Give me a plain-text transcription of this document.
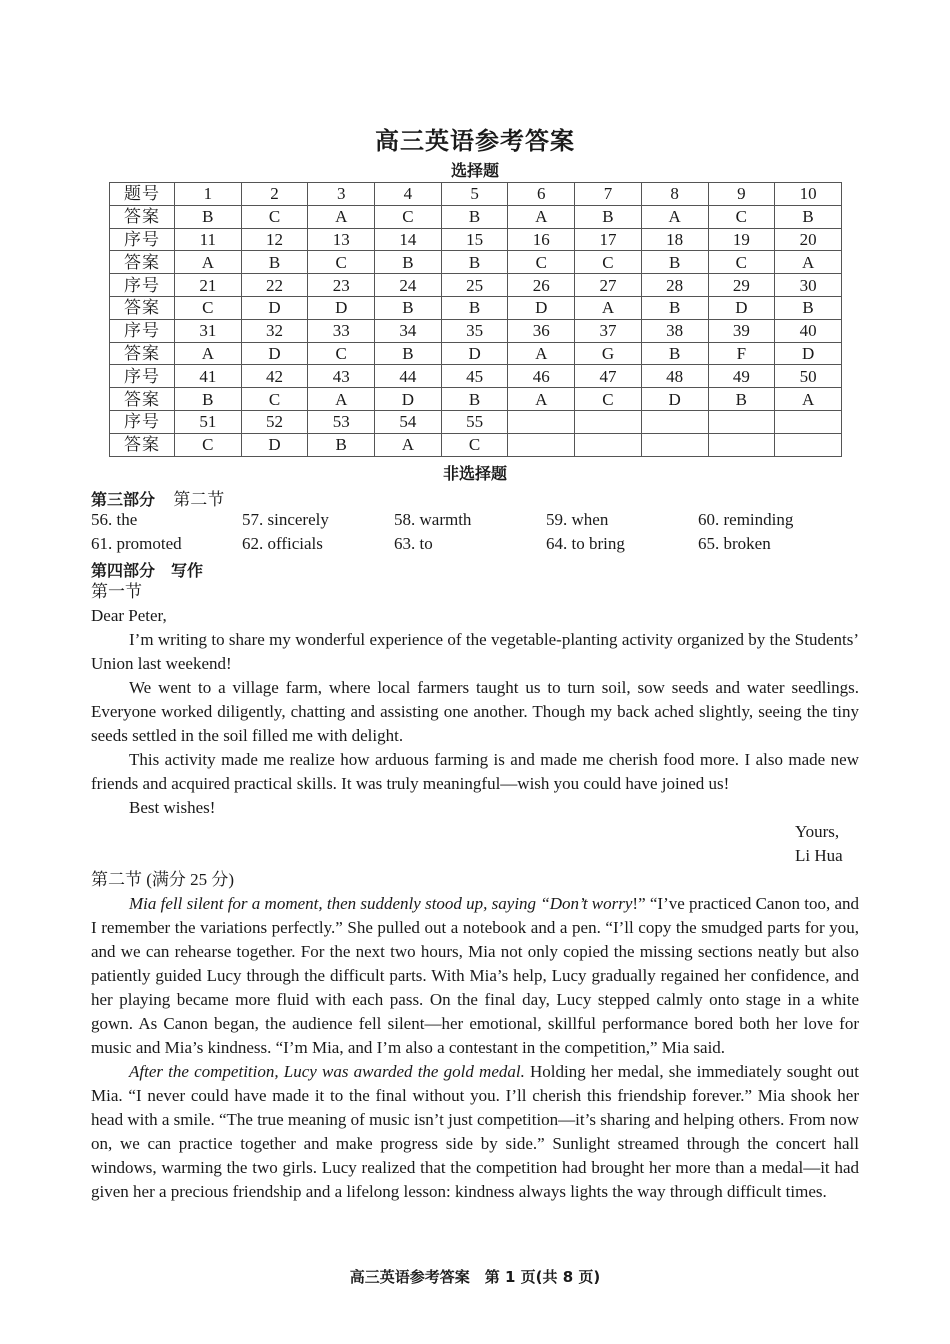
高三英语参考答案
选择题
题号	1	2	3	4	5	6	7	8	9	10
答案	B	C	A	C	B	A	B	A	C	B
序号	11	12	13	14	15	16	17	18	19	20
答案	A	B	C	B	B	C	C	B	C	A
序号	21	22	23	24	25	26	27	28	29	30
答案	C	D	D	B	B	D	A	B	D	B
序号	31	32	33	34	35	36	37	38	39	40
答案	A	D	C	B	D	A	G	B	F	D
序号	41	42	43	44	45	46	47	48	49	50
答案	B	C	A	D	B	A	C	D	B	A
序号	51	52	53	54	55					
答案	C	D	B	A	C					
非选择题
第三部分 第二节
56. the	57. sincerely	58. warmth	59. when	60. reminding
61. promoted	62. officials	63. to	64. to bring	65. broken
第四部分　写作

第一节

Dear Peter,

I’m writing to share my wonderful experience of the vegetable-planting activity organized by the Students’ Union last weekend!

We went to a village farm, where local farmers taught us to turn soil, sow seeds and water seedlings. Everyone worked diligently, chatting and assisting one another. Though my back ached slightly, seeing the tiny seeds settled in the soil filled me with delight.

This activity made me realize how arduous farming is and made me cherish food more. I also made new friends and acquired practical skills. It was truly meaningful—wish you could have joined us!

Best wishes!

Yours,
Li Hua

第二节 (满分 25 分)

Mia fell silent for a moment, then suddenly stood up, saying “Don’t worry!” “I’ve practiced Canon too, and I remember the variations perfectly.” She pulled out a notebook and a pen. “I’ll copy the smudged parts for you, and we can rehearse together. For the next two hours, Mia not only copied the missing sections neatly but also patiently guided Lucy through the difficult parts. With Mia’s help, Lucy gradually regained her confidence, and her playing became more fluid with each pass. On the final day, Lucy stepped calmly onto stage in a white gown. As Canon began, the audience fell silent—her emotional, skillful performance bored both her love for music and Mia’s kindness. “I’m Mia, and I’m also a contestant in the competition,” Mia said.

After the competition, Lucy was awarded the gold medal. Holding her medal, she immediately sought out Mia. “I never could have made it to the final without you. I’ll cherish this friendship forever.” Mia shook her head with a smile. “The true meaning of music isn’t just competition—it’s sharing and helping others. From now on, we can practice together and make progress side by side.” Sunlight streamed through the concert hall windows, warming the two girls. Lucy realized that the competition had brought her more than a medal—it had given her a precious friendship and a lifelong lesson: kindness always lights the way through difficult times.

高三英语参考答案　第 1 页(共 8 页)
